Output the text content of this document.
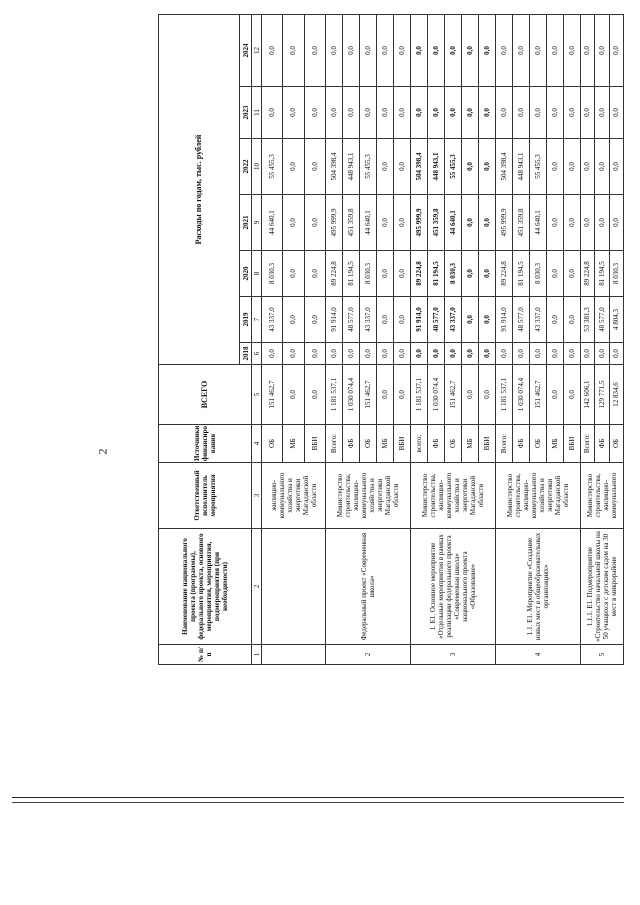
2
№ п/п	Наименование национального проекта (программы), федерального проекта, основного мероприятия, мероприятия, подмероприятия (при необходимости)	Ответственный исполнитель мероприятия	Источники финансиро вания	ВСЕГО	Расходы по годам, тыс. рублей						
					2018	2019	2020	2021	2022	2023	2024
1	2	3	4	5	6	7	8	9	10	11	12
		жилищно-коммунального хозяйства и энергетики Магаданской области	ОБ	151 462,7	0,0	43 337,0	8 030,3	44 640,1	55 455,3	0,0	0,0
			МБ	0,0	0,0	0,0	0,0	0,0	0,0	0,0	0,0
			ВБИ	0,0	0,0	0,0	0,0	0,0	0,0	0,0	0,0
2	Федеральный проект «Современная школа»	Министерство строительства, жилищно-коммунального хозяйства и энергетики Магаданской области	Всего:	1 181 537,1	0,0	91 914,0	89 224,8	495 999,9	504 398,4	0,0	0,0
			ФБ	1 030 074,4	0,0	48 577,0	81 194,5	451 359,8	448 943,1	0,0	0,0
			ОБ	151 462,7	0,0	43 337,0	8 030,3	44 640,1	55 455,3	0,0	0,0
			МБ	0,0	0,0	0,0	0,0	0,0	0,0	0,0	0,0
			ВБИ	0,0	0,0	0,0	0,0	0,0	0,0	0,0	0,0
3	1. Е1. Основное мероприятие «Отдельные мероприятия в рамках реализации федерального проекта «Современная школа» национального проекта «Образование»	Министерство строительства, жилищно-коммунального хозяйства и энергетики Магаданской области	всего:	1 181 537,1	0,0	91 914,0	89 224,8	495 999,9	504 398,4	0,0	0,0
			ФБ	1 030 074,4	0,0	48 577,0	81 194,5	451 359,8	448 943,1	0,0	0,0
			ОБ	151 462,7	0,0	43 337,0	8 030,3	44 640,1	55 455,3	0,0	0,0
			МБ	0,0	0,0	0,0	0,0	0,0	0,0	0,0	0,0
			ВБИ	0,0	0,0	0,0	0,0	0,0	0,0	0,0	0,0
4	1.1. Е1. Мероприятие «Создание новых мест в общеобразовательных организациях»	Министерство строительства, жилищно-коммунального хозяйства и энергетики Магаданской области	Всего:	1 181 537,1	0,0	91 914,0	89 224,8	495 999,9	504 398,4	0,0	0,0
			ФБ	1 030 074,4	0,0	48 577,0	81 194,5	451 359,8	448 943,1	0,0	0,0
			ОБ	151 462,7	0,0	43 337,0	8 030,3	44 640,1	55 455,3	0,0	0,0
			МБ	0,0	0,0	0,0	0,0	0,0	0,0	0,0	0,0
			ВБИ	0,0	0,0	0,0	0,0	0,0	0,0	0,0	0,0
5	1.1.1. Е1. Подмероприятие «Строительство начальной школы на 50 учащихся с детским садом на 30 мест в микрорайоне	Министерство строительства, жилищно-коммунального	Всего:	142 606,1	0,0	53 381,3	89 224,8	0,0	0,0	0,0	0,0
			ФБ	129 771,5	0,0	48 577,0	81 194,5	0,0	0,0	0,0	0,0
			ОБ	12 834,6	0,0	4 804,3	8 030,3	0,0	0,0	0,0	0,0
